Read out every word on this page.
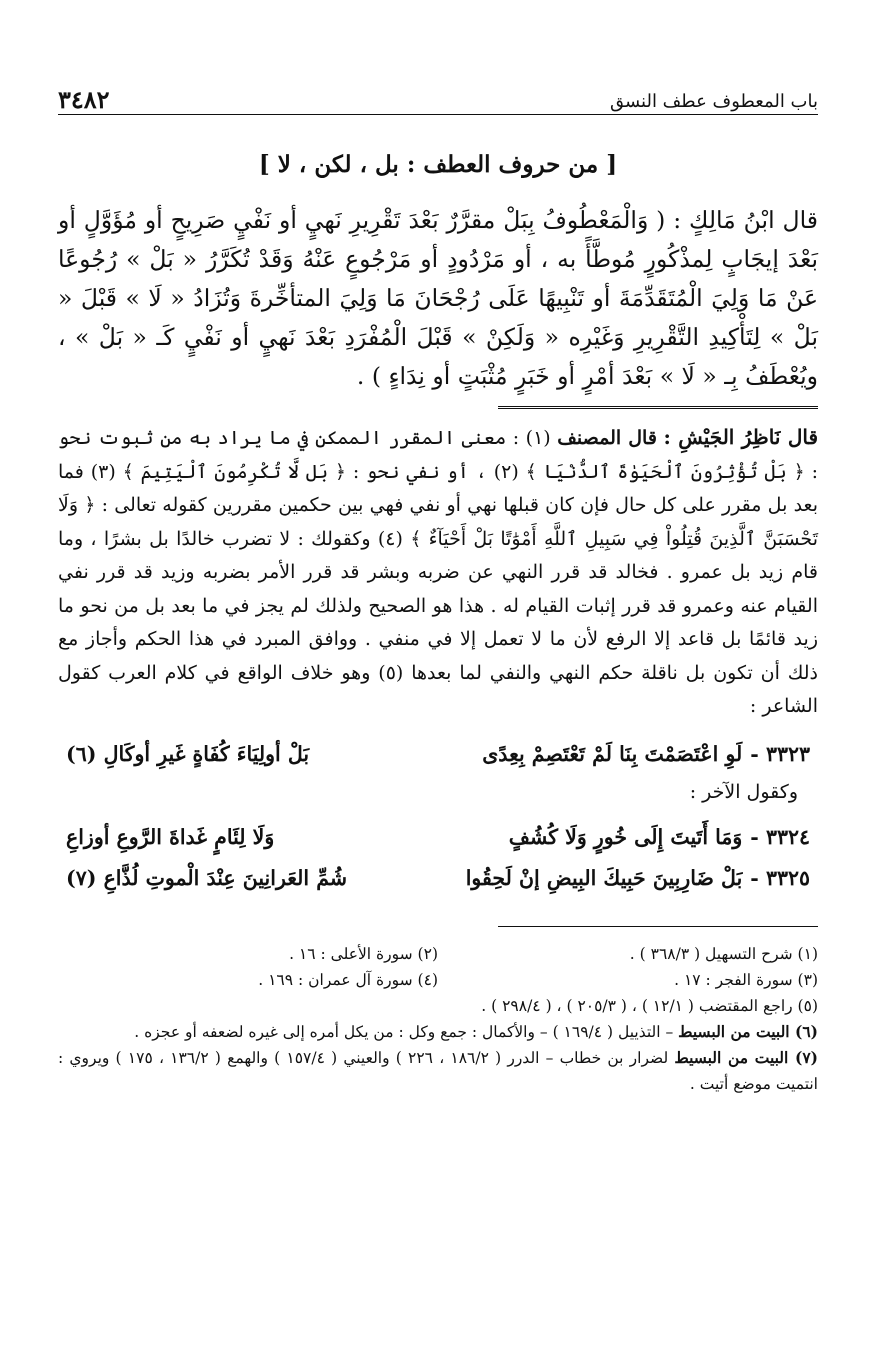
باب المعطوف عطف النسق
٣٤٨٢
[ من حروف العطف : بل ، لكن ، لا ]
قال ابْنُ مَالِكٍ : ( وَالْمَعْطُوفُ بِبَلْ مقرَّرٌ بَعْدَ تَقْرِيرِ نَهيٍ أو نَفْيٍ صَرِيحٍ أو مُؤَوَّلٍ أو بَعْدَ إيجَابٍ لِمذْكُورٍ مُوطَّأً به ، أو مَرْدُودٍ أو مَرْجُوعٍ عَنْهُ وَقَدْ تُكَرَّرُ « بَلْ » رُجُوعًا عَنْ مَا وَلِيَ الْمُتَقَدِّمَةَ أو تَنْبِيهًا عَلَى رُجْحَانَ مَا وَلِيَ المتأخِّرةَ وَتُزَادُ « لَا » قَبْلَ « بَلْ » لِتَأْكِيدِ التَّقْرِيرِ وَغَيْرِه « وَلَكِنْ » قَبْلَ الْمُفْرَدِ بَعْدَ نَهيٍ أو نَفْيٍ كَـ « بَلْ » ، ويُعْطَفُ بِـ « لَا » بَعْدَ أمْرٍ أو خَبَرٍ مُثْبَتٍ أو نِدَاءٍ ) .
قال نَاظِرُ الجَيْشِ : قال المصنف (١) : معنى المقرر الممكن في ما يراد به من ثبوت نحو : ﴿ بَلْ تُؤْثِرُونَ ٱلْحَيَوٰةَ ٱلدُّنْيَا ﴾ (٢) ، أو نفي نحو : ﴿ بَل لَّا تُكْرِمُونَ ٱلْيَتِيمَ ﴾ (٣) فما بعد بل مقرر على كل حال فإن كان قبلها نهي أو نفي فهي بين حكمين مقررين كقوله تعالى : ﴿ وَلَا تَحْسَبَنَّ ٱلَّذِينَ قُتِلُواْ فِي سَبِيلِ ٱللَّهِ أَمْوَٰتًا بَلْ أَحْيَآءٌ ﴾ (٤) وكقولك : لا تضرب خالدًا بل بشرًا ، وما قام زيد بل عمرو . فخالد قد قرر النهي عن ضربه وبشر قد قرر الأمر بضربه وزيد قد قرر نفي القيام عنه وعمرو قد قرر إثبات القيام له . هذا هو الصحيح ولذلك لم يجز في ما بعد بل من نحو ما زيد قائمًا بل قاعد إلا الرفع لأن ما لا تعمل إلا في منفي . ووافق المبرد في هذا الحكم وأجاز مع ذلك أن تكون بل ناقلة حكم النهي والنفي لما بعدها (٥) وهو خلاف الواقع في كلام العرب كقول الشاعر :
٣٣٢٣ -لَوِ اعْتَصَمْتَ بِنَا لَمْ تَعْتَصِمْ بِعِدًى
بَلْ أولِيَاءَ كُفَاةٍ غَيرِ أوكَالِ (٦)
وكقول الآخر :
٣٣٢٤ -وَمَا أَتَيتَ إِلَى خُورٍ وَلَا كُشُفٍ
وَلَا لِئَامٍ غَداةَ الرَّوعِ أوزاعِ
٣٣٢٥ -بَلْ ضَارِبِينَ حَبِيكَ البِيضِ إنْ لَحِقُوا
شُمِّ العَرانِينَ عِنْدَ الْموتِ لُذَّاعِ (٧)
(١) شرح التسهيل ( ٣٦٨/٣ ) .
(٢) سورة الأعلى : ١٦ .
(٣) سورة الفجر : ١٧ .
(٤) سورة آل عمران : ١٦٩ .
(٥) راجع المقتضب ( ١٢/١ ) ، ( ٢٠٥/٣ ) ، ( ٢٩٨/٤ ) .
(٦) البيت من البسيط – التذييل ( ١٦٩/٤ ) – والأكمال : جمع وكل : من يكل أمره إلى غيره لضعفه أو عجزه .
(٧) البيت من البسيط لضرار بن خطاب – الدرر ( ١٨٦/٢ ، ٢٢٦ ) والعيني ( ١٥٧/٤ ) والهمع ( ١٣٦/٢ ، ١٧٥ ) ويروي : انتميت موضع أتيت .
